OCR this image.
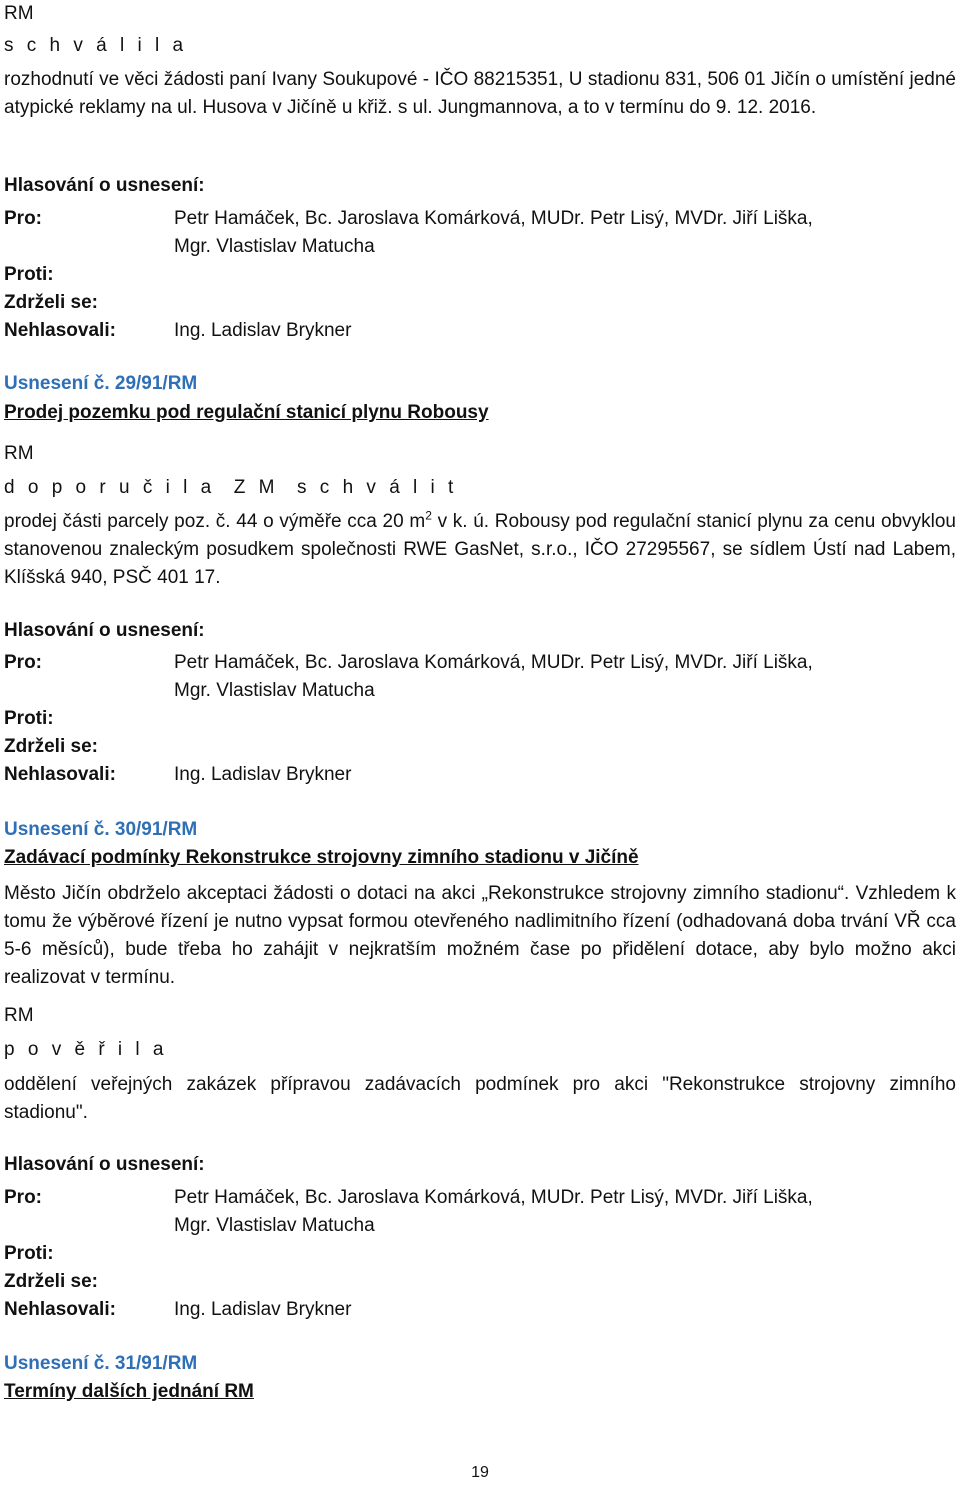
RM
s c h v á l i l a
rozhodnutí ve věci žádosti paní Ivany Soukupové - IČO 88215351, U stadionu 831, 506 01 Jičín o umístění jedné atypické reklamy na ul. Husova v Jičíně u křiž. s ul. Jungmannova, a to v termínu do 9. 12. 2016.
Hlasování o usnesení:
Pro:	Petr Hamáček, Bc. Jaroslava Komárková, MUDr. Petr Lisý, MVDr. Jiří Liška,
Mgr. Vlastislav Matucha
Proti:
Zdrželi se:
Nehlasovali:	Ing. Ladislav Brykner
Usnesení č. 29/91/RM
Prodej pozemku pod regulační stanicí plynu Robousy
RM
d o p o r u č i l a  Z M  s c h v á l i t
prodej části parcely poz. č. 44 o výměře cca 20 $m^2$ v k. ú. Robousy pod regulační stanicí plynu za cenu obvyklou stanovenou znaleckým posudkem společnosti RWE GasNet, s.r.o., IČO 27295567, se sídlem Ústí nad Labem, Klíšská 940, PSČ 401 17.
Hlasování o usnesení:
Pro:	Petr Hamáček, Bc. Jaroslava Komárková, MUDr. Petr Lisý, MVDr. Jiří Liška,
Mgr. Vlastislav Matucha
Proti:
Zdrželi se:
Nehlasovali:	Ing. Ladislav Brykner
Usnesení č. 30/91/RM
Zadávací podmínky Rekonstrukce strojovny zimního stadionu v Jičíně
Město Jičín obdrželo akceptaci žádosti o dotaci na akci „Rekonstrukce strojovny zimního stadionu“. Vzhledem k tomu že výběrové řízení je nutno vypsat formou otevřeného nadlimitního řízení (odhadovaná doba trvání VŘ cca 5-6 měsíců), bude třeba ho zahájit v nejkratším možném čase po přidělení dotace, aby bylo možno akci realizovat v termínu.
RM
p o v ě ř i l a
oddělení veřejných zakázek přípravou zadávacích podmínek pro akci "Rekonstrukce strojovny zimního stadionu".
Hlasování o usnesení:
Pro:	Petr Hamáček, Bc. Jaroslava Komárková, MUDr. Petr Lisý, MVDr. Jiří Liška,
Mgr. Vlastislav Matucha
Proti:
Zdrželi se:
Nehlasovali:	Ing. Ladislav Brykner
Usnesení č. 31/91/RM
Termíny dalších jednání RM
19
